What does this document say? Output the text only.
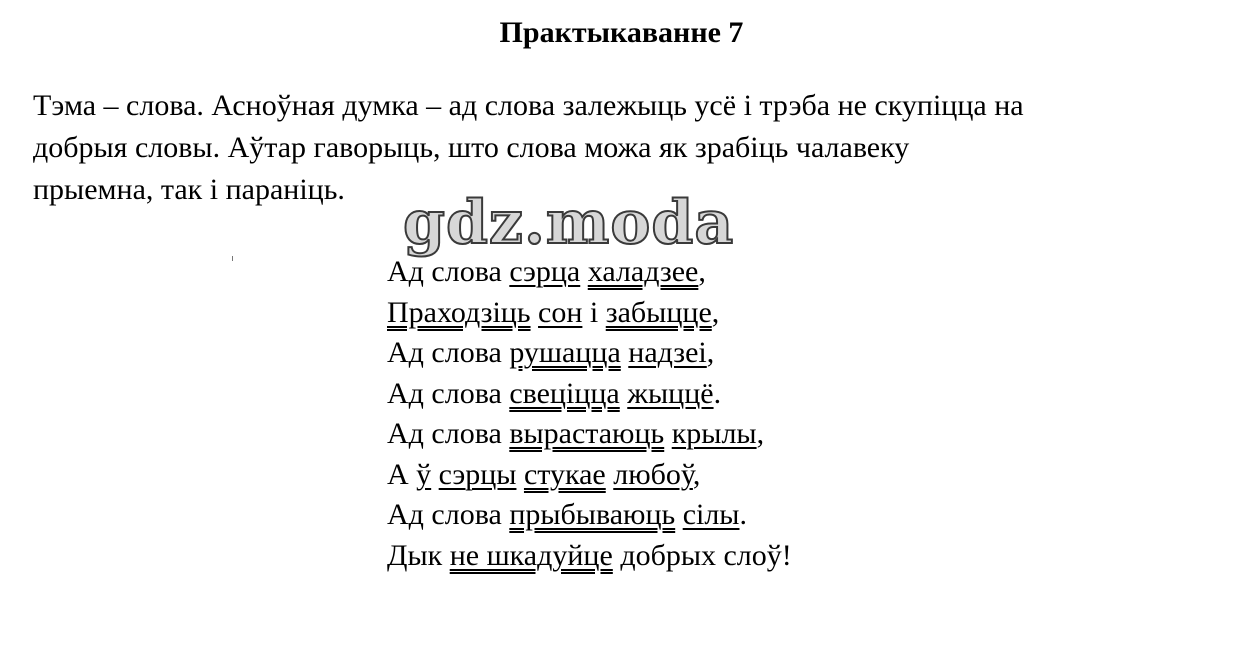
Практыкаванне 7
Тэма – слова. Асноўная думка – ад слова залежыць усё і трэба не скупіцца на
добрыя словы. Аўтар гаворыць, што слова можа як зрабіць чалавеку
прыемна, так і параніць.
Ад слова сэрца халадзее,
Праходзіць сон і забыцце,
Ад слова рушацца надзеі,
Ад слова свеціцца жыццё.
Ад слова вырастаюць крылы,
А ў сэрцы стукае любоў,
Ад слова прыбываюць сілы.
Дык не шкадуйце добрых слоў!
gdz.moda
